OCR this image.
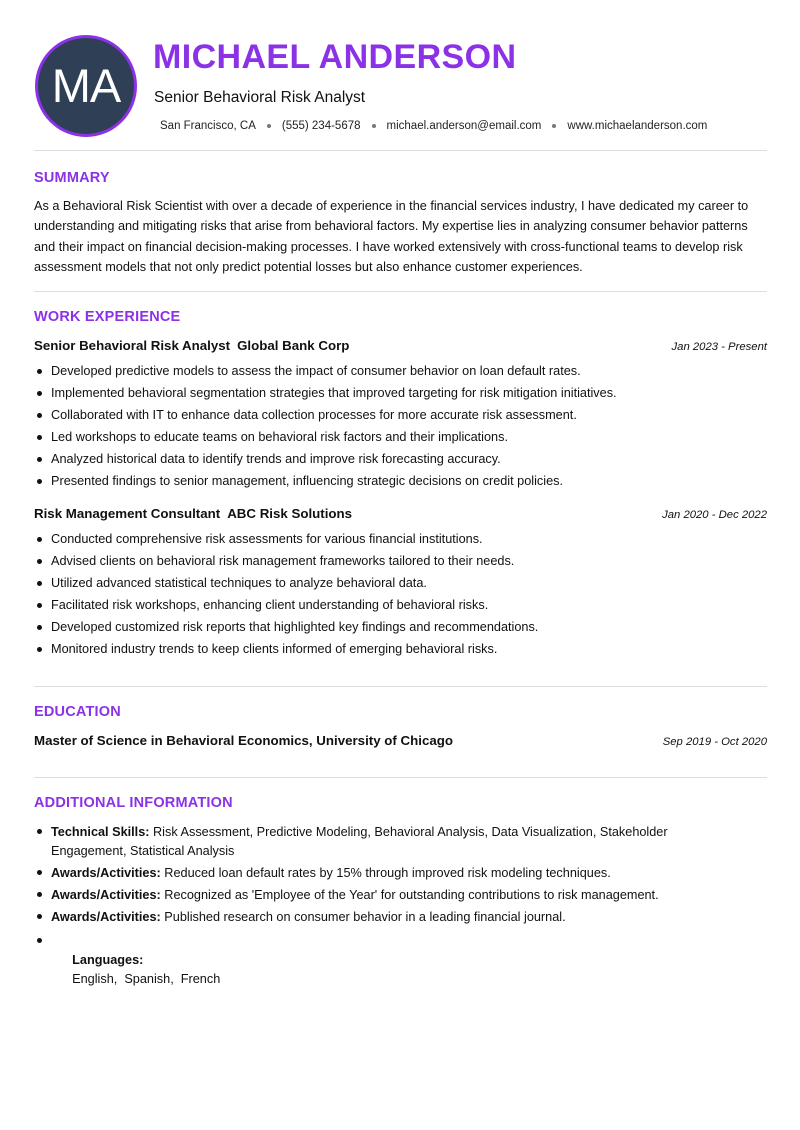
MA
MICHAEL ANDERSON
Senior Behavioral Risk Analyst
San Francisco, CA (555) 234-5678 michael.anderson@email.com www.michaelanderson.com
SUMMARY

As a Behavioral Risk Scientist with over a decade of experience in the financial services industry, I have dedicated my career to understanding and mitigating risks that arise from behavioral factors. My expertise lies in analyzing consumer behavior patterns and their impact on financial decision-making processes. I have worked extensively with cross-functional teams to develop risk assessment models that not only predict potential losses but also enhance customer experiences.

WORK EXPERIENCE
Senior Behavioral Risk Analyst Global Bank Corp	Jan 2023 - Present
Developed predictive models to assess the impact of consumer behavior on loan default rates.
Implemented behavioral segmentation strategies that improved targeting for risk mitigation initiatives.
Collaborated with IT to enhance data collection processes for more accurate risk assessment.
Led workshops to educate teams on behavioral risk factors and their implications.
Analyzed historical data to identify trends and improve risk forecasting accuracy.
Presented findings to senior management, influencing strategic decisions on credit policies.
Risk Management Consultant ABC Risk Solutions	Jan 2020 - Dec 2022
Conducted comprehensive risk assessments for various financial institutions.
Advised clients on behavioral risk management frameworks tailored to their needs.
Utilized advanced statistical techniques to analyze behavioral data.
Facilitated risk workshops, enhancing client understanding of behavioral risks.
Developed customized risk reports that highlighted key findings and recommendations.
Monitored industry trends to keep clients informed of emerging behavioral risks.
EDUCATION
Master of Science in Behavioral Economics, University of Chicago	Sep 2019 - Oct 2020
ADDITIONAL INFORMATION
Technical Skills: Risk Assessment, Predictive Modeling, Behavioral Analysis, Data Visualization, Stakeholder Engagement, Statistical Analysis
Awards/Activities: Reduced loan default rates by 15% through improved risk modeling techniques.
Awards/Activities: Recognized as 'Employee of the Year' for outstanding contributions to risk management.
Awards/Activities: Published research on consumer behavior in a leading financial journal.

Languages:
English,  Spanish,  French
